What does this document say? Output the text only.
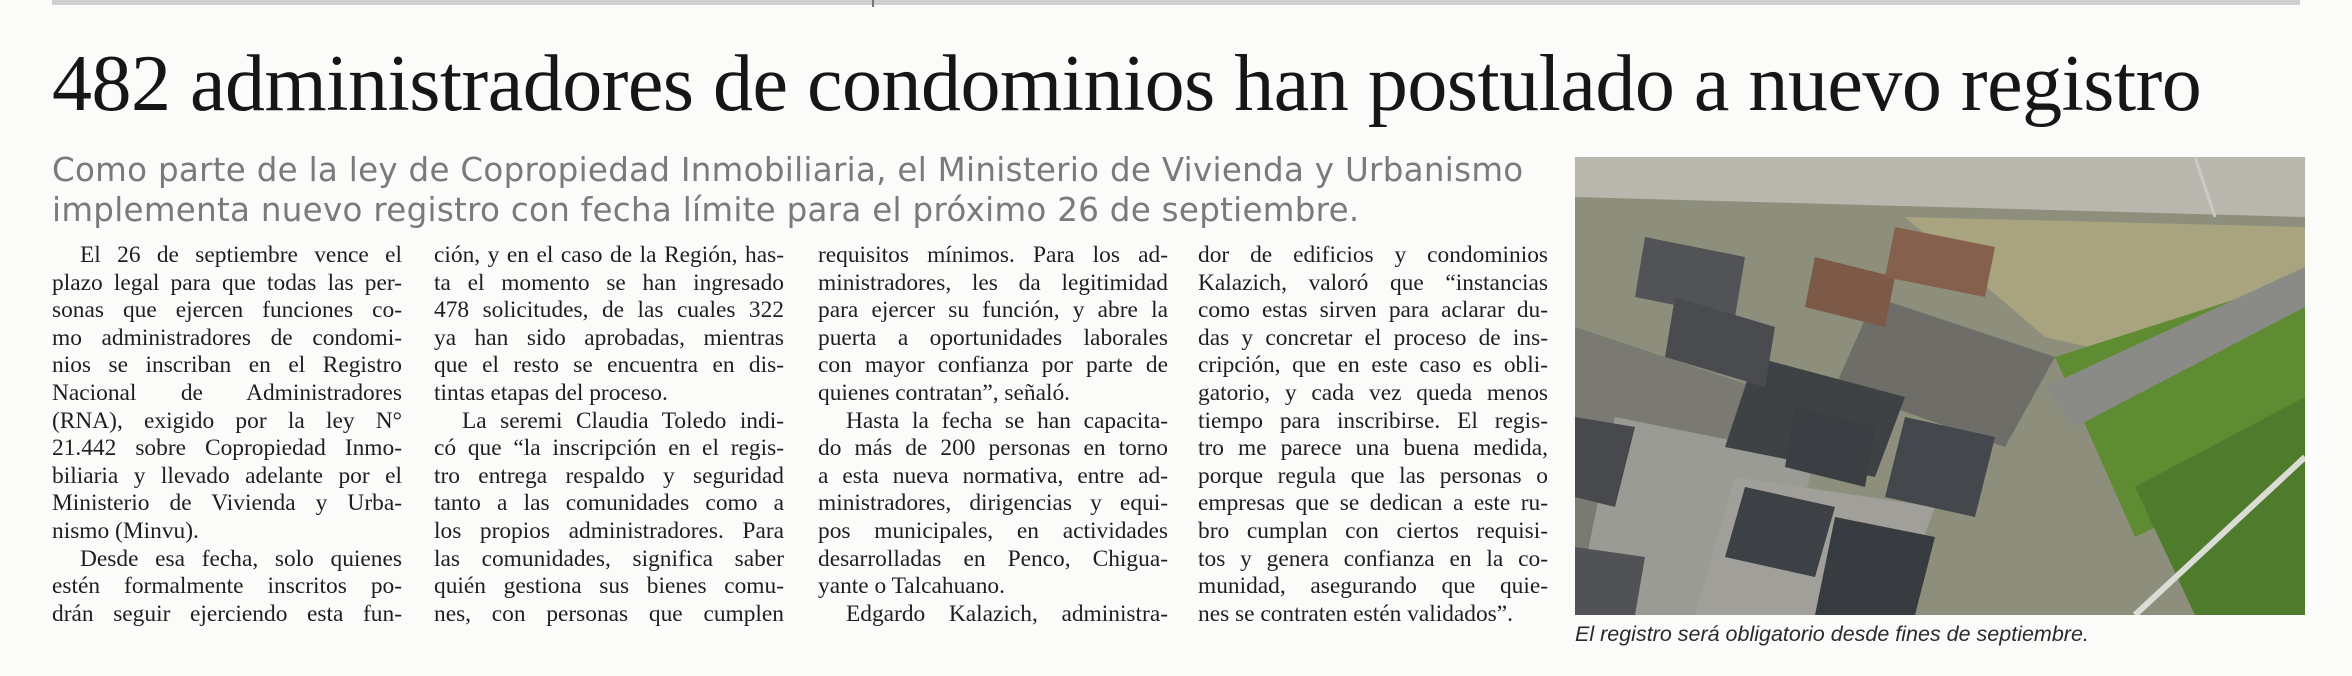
482 administradores de condominios han postulado a nuevo registro
Como parte de la ley de Copropiedad Inmobiliaria, el Ministerio de Vivienda y Urbanismo
implementa nuevo registro con fecha límite para el próximo 26 de septiembre.
El 26 de septiembre vence el
plazo legal para que todas las per-
sonas que ejercen funciones co-
mo administradores de condomi-
nios se inscriban en el Registro
Nacional de Administradores
(RNA), exigido por la ley N°
21.442 sobre Copropiedad Inmo-
biliaria y llevado adelante por el
Ministerio de Vivienda y Urba-
nismo (Minvu).
Desde esa fecha, solo quienes
estén formalmente inscritos po-
drán seguir ejerciendo esta fun-
ción, y en el caso de la Región, has-
ta el momento se han ingresado
478 solicitudes, de las cuales 322
ya han sido aprobadas, mientras
que el resto se encuentra en dis-
tintas etapas del proceso.
La seremi Claudia Toledo indi-
có que “la inscripción en el regis-
tro entrega respaldo y seguridad
tanto a las comunidades como a
los propios administradores. Para
las comunidades, significa saber
quién gestiona sus bienes comu-
nes, con personas que cumplen
requisitos mínimos. Para los ad-
ministradores, les da legitimidad
para ejercer su función, y abre la
puerta a oportunidades laborales
con mayor confianza por parte de
quienes contratan”, señaló.
Hasta la fecha se han capacita-
do más de 200 personas en torno
a esta nueva normativa, entre ad-
ministradores, dirigencias y equi-
pos municipales, en actividades
desarrolladas en Penco, Chigua-
yante o Talcahuano.
Edgardo Kalazich, administra-
dor de edificios y condominios
Kalazich, valoró que “instancias
como estas sirven para aclarar du-
das y concretar el proceso de ins-
cripción, que en este caso es obli-
gatorio, y cada vez queda menos
tiempo para inscribirse. El regis-
tro me parece una buena medida,
porque regula que las personas o
empresas que se dedican a este ru-
bro cumplan con ciertos requisi-
tos y genera confianza en la co-
munidad, asegurando que quie-
nes se contraten estén validados”.
El registro será obligatorio desde fines de septiembre.
